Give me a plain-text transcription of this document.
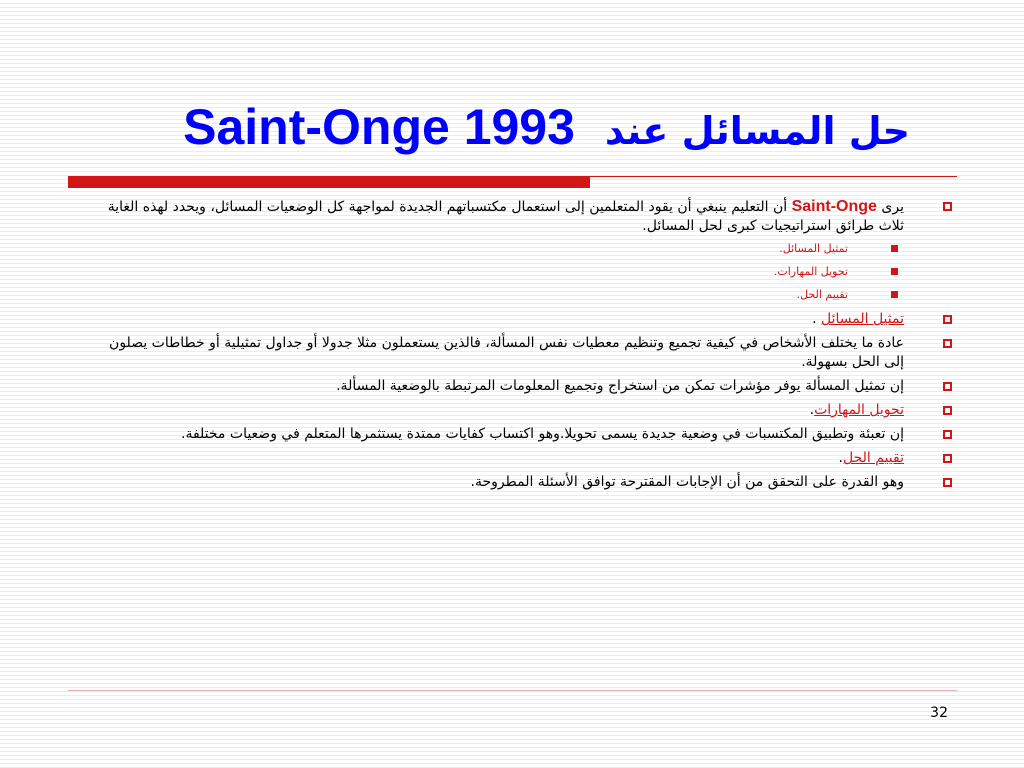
حل المسائل عندSaint-Onge 1993
يرى Saint-Onge أن التعليم ينبغي أن يقود المتعلمين إلى استعمال مكتسباتهم الجديدة لمواجهة كل الوضعيات المسائل، ويحدد لهذه الغاية ثلاث طرائق استراتيجيات كبرى لحل المسائل.
تمثيل المسائل.
تحويل المهارات.
تقييم الحل.
تمثيل المسائل .
عادة ما يختلف الأشخاص في كيفية تجميع وتنظيم معطيات نفس المسألة، فالذين يستعملون مثلا جدولا أو جداول تمثيلية أو خطاطات يصلون إلى الحل بسهولة.
إن تمثيل المسألة يوفر مؤشرات تمكن من استخراج وتجميع المعلومات المرتبطة بالوضعية المسألة.
تحويل المهارات.
إن تعبئة وتطبيق المكتسبات في وضعية جديدة يسمى تحويلا.وهو اكتساب كفايات ممتدة يستثمرها المتعلم في وضعيات مختلفة.
تقييم الحل.
وهو القدرة على التحقق من أن الإجابات المقترحة توافق الأسئلة المطروحة.
32
